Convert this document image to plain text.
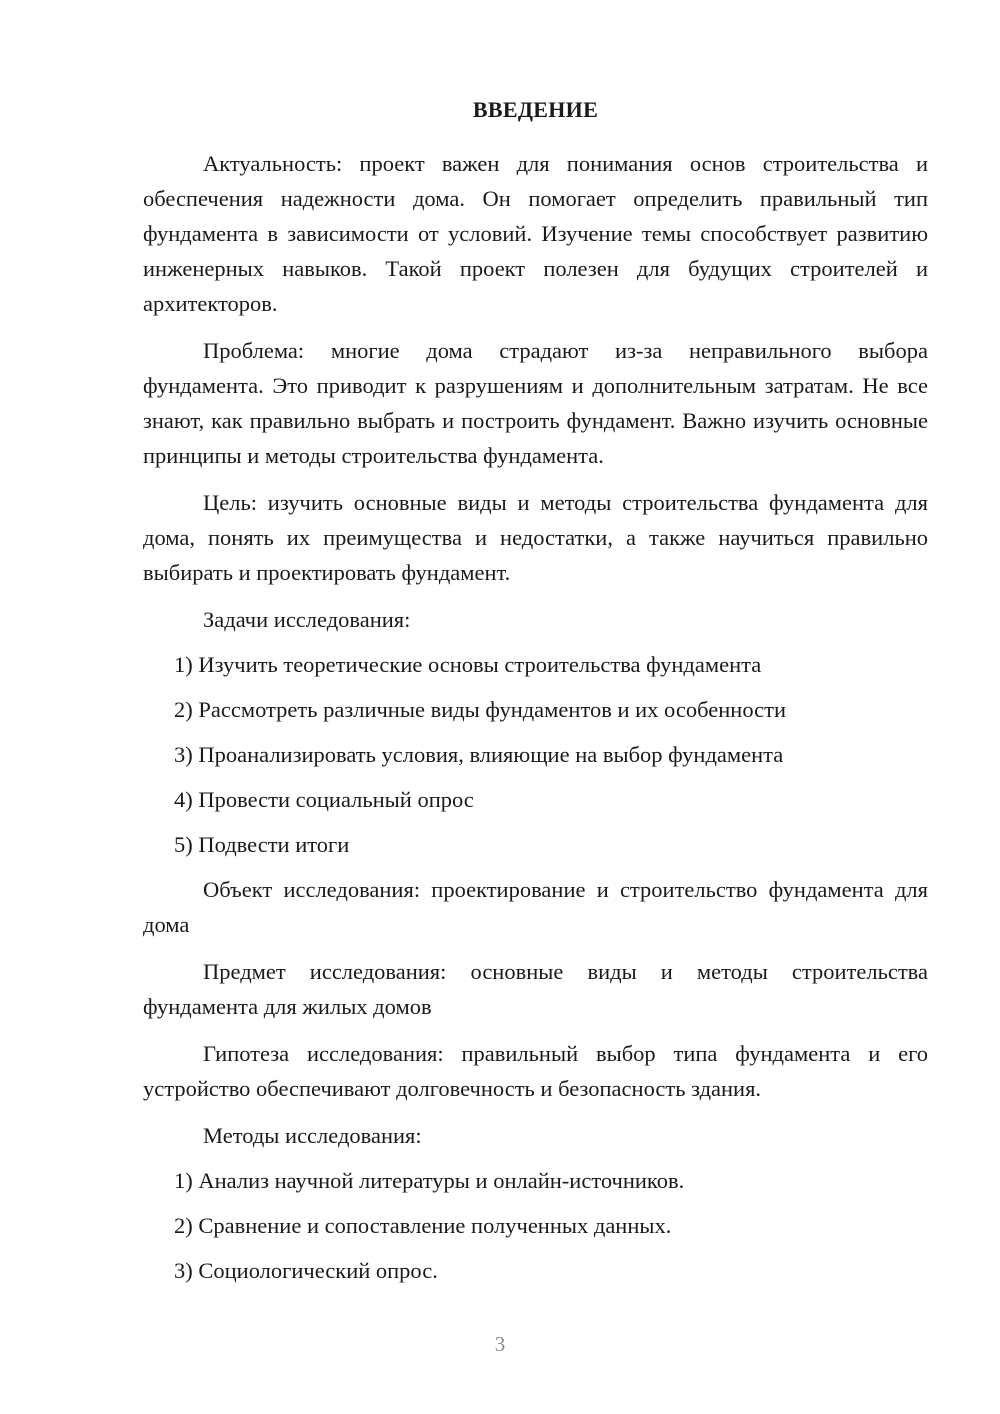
ВВЕДЕНИЕ

Актуальность: проект важен для понимания основ строительства и обеспечения надежности дома. Он помогает определить правильный тип фундамента в зависимости от условий. Изучение темы способствует развитию инженерных навыков. Такой проект полезен для будущих строителей и архитекторов.

Проблема: многие дома страдают из-за неправильного выбора фундамента. Это приводит к разрушениям и дополнительным затратам. Не все знают, как правильно выбрать и построить фундамент. Важно изучить основные принципы и методы строительства фундамента.

Цель: изучить основные виды и методы строительства фундамента для дома, понять их преимущества и недостатки, а также научиться правильно выбирать и проектировать фундамент.

Задачи исследования:

1) Изучить теоретические основы строительства фундамента
2) Рассмотреть различные виды фундаментов и их особенности
3) Проанализировать условия, влияющие на выбор фундамента
4) Провести социальный опрос
5) Подвести итоги

Объект исследования: проектирование и строительство фундамента для дома

Предмет исследования: основные виды и методы строительства фундамента для жилых домов

Гипотеза исследования: правильный выбор типа фундамента и его устройство обеспечивают долговечность и безопасность здания.

Методы исследования:

1) Анализ научной литературы и онлайн-источников.
2) Сравнение и сопоставление полученных данных.
3) Социологический опрос.
3
